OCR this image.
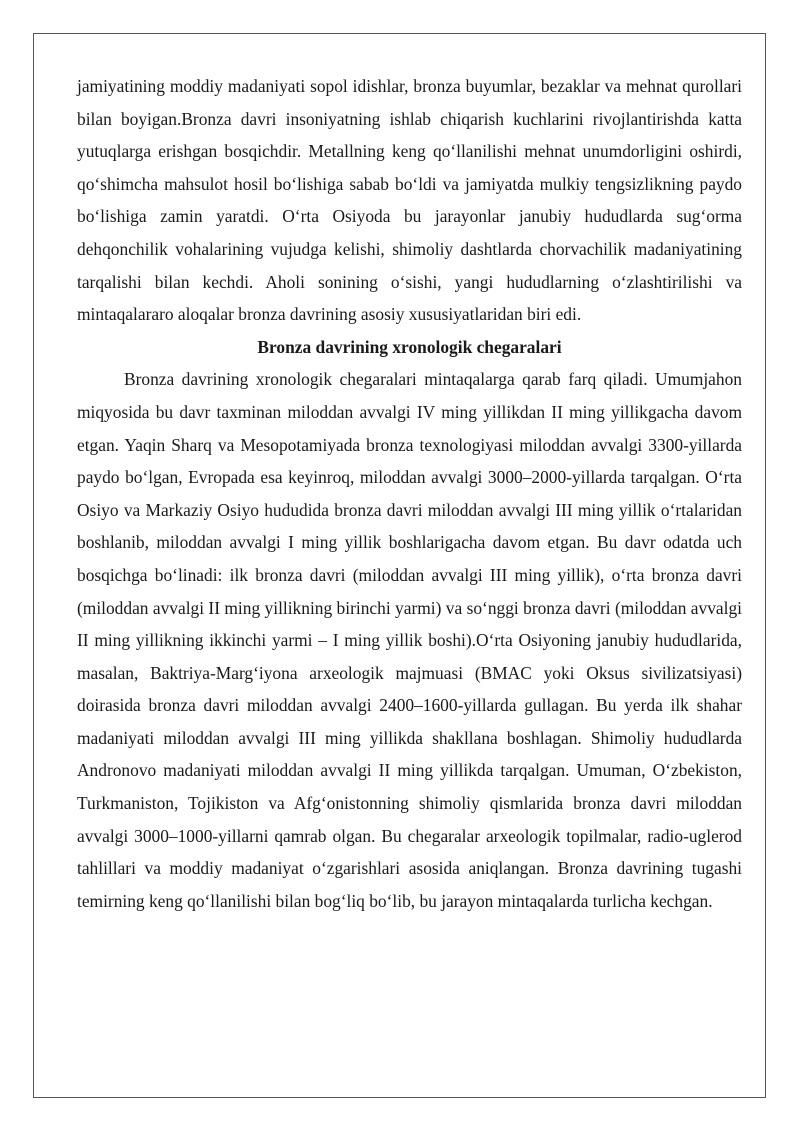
jamiyatining moddiy madaniyati sopol idishlar, bronza buyumlar, bezaklar va mehnat qurollari bilan boyigan.Bronza davri insoniyatning ishlab chiqarish kuchlarini rivojlantirishda katta yutuqlarga erishgan bosqichdir. Metallning keng qo‘llanilishi mehnat unumdorligini oshirdi, qo‘shimcha mahsulot hosil bo‘lishiga sabab bo‘ldi va jamiyatda mulkiy tengsizlikning paydo bo‘lishiga zamin yaratdi. O‘rta Osiyoda bu jarayonlar janubiy hududlarda sug‘orma dehqonchilik vohalarining vujudga kelishi, shimoliy dashtlarda chorvachilik madaniyatining tarqalishi bilan kechdi. Aholi sonining o‘sishi, yangi hududlarning o‘zlashtirilishi va mintaqalararo aloqalar bronza davrining asosiy xususiyatlaridan biri edi.

Bronza davrining xronologik chegaralari

Bronza davrining xronologik chegaralari mintaqalarga qarab farq qiladi. Umumjahon miqyosida bu davr taxminan miloddan avvalgi IV ming yillikdan II ming yillikgacha davom etgan. Yaqin Sharq va Mesopotamiyada bronza texnologiyasi miloddan avvalgi 3300-yillarda paydo bo‘lgan, Evropada esa keyinroq, miloddan avvalgi 3000–2000-yillarda tarqalgan. O‘rta Osiyo va Markaziy Osiyo hududida bronza davri miloddan avvalgi III ming yillik o‘rtalaridan boshlanib, miloddan avvalgi I ming yillik boshlarigacha davom etgan. Bu davr odatda uch bosqichga bo‘linadi: ilk bronza davri (miloddan avvalgi III ming yillik), o‘rta bronza davri (miloddan avvalgi II ming yillikning birinchi yarmi) va so‘nggi bronza davri (miloddan avvalgi II ming yillikning ikkinchi yarmi – I ming yillik boshi).O‘rta Osiyoning janubiy hududlarida, masalan, Baktriya-Marg‘iyona arxeologik majmuasi (BMAC yoki Oksus sivilizatsiyasi) doirasida bronza davri miloddan avvalgi 2400–1600-yillarda gullagan. Bu yerda ilk shahar madaniyati miloddan avvalgi III ming yillikda shakllana boshlagan. Shimoliy hududlarda Andronovo madaniyati miloddan avvalgi II ming yillikda tarqalgan. Umuman, O‘zbekiston, Turkmaniston, Tojikiston va Afg‘onistonning shimoliy qismlarida bronza davri miloddan avvalgi 3000–1000-yillarni qamrab olgan. Bu chegaralar arxeologik topilmalar, radio-uglerod tahlillari va moddiy madaniyat o‘zgarishlari asosida aniqlangan. Bronza davrining tugashi temirning keng qo‘llanilishi bilan bog‘liq bo‘lib, bu jarayon mintaqalarda turlicha kechgan.
